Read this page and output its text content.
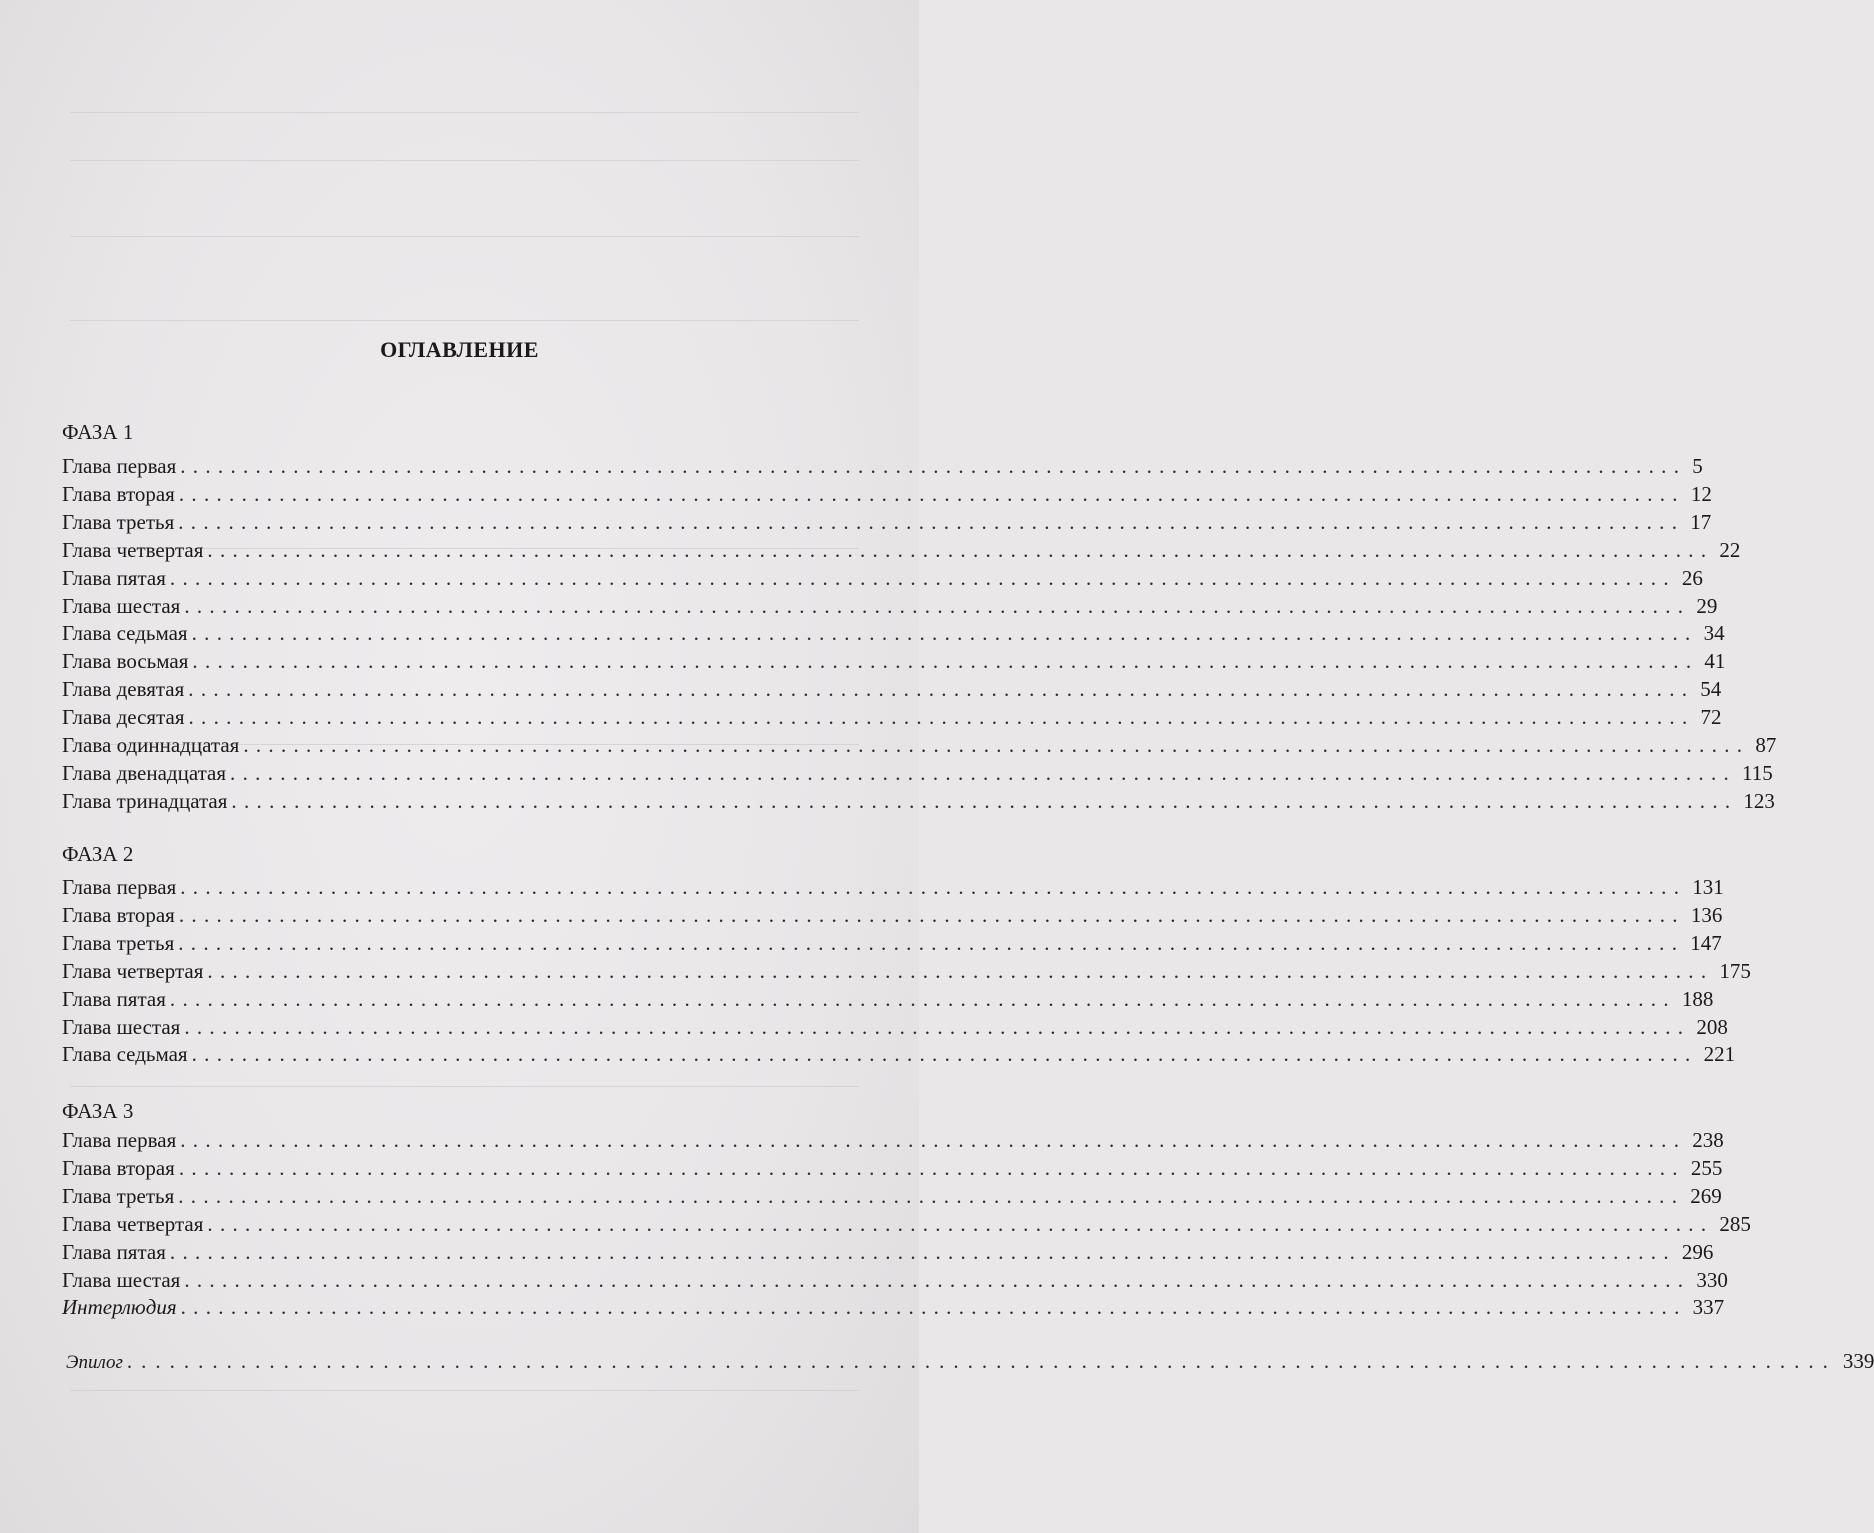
ОГЛАВЛЕНИЕ
ФАЗА 1
Глава первая ........................................................................................................................ 5
Глава вторая ........................................................................................................................ 12
Глава третья ........................................................................................................................ 17
Глава четвертая ........................................................................................................................ 22
Глава пятая ........................................................................................................................ 26
Глава шестая ........................................................................................................................ 29
Глава седьмая ........................................................................................................................ 34
Глава восьмая ........................................................................................................................ 41
Глава девятая ........................................................................................................................ 54
Глава десятая ........................................................................................................................ 72
Глава одиннадцатая ........................................................................................................................ 87
Глава двенадцатая ........................................................................................................................ 115
Глава тринадцатая ........................................................................................................................ 123
ФАЗА 2
Глава первая ........................................................................................................................ 131
Глава вторая ........................................................................................................................ 136
Глава третья ........................................................................................................................ 147
Глава четвертая ........................................................................................................................ 175
Глава пятая ........................................................................................................................ 188
Глава шестая ........................................................................................................................ 208
Глава седьмая ........................................................................................................................ 221
ФАЗА 3
Глава первая ........................................................................................................................ 238
Глава вторая ........................................................................................................................ 255
Глава третья ........................................................................................................................ 269
Глава четвертая ........................................................................................................................ 285
Глава пятая ........................................................................................................................ 296
Глава шестая ........................................................................................................................ 330
Интерлюдия ........................................................................................................................ 337
Эпилог ........................................................................................................................ 339
